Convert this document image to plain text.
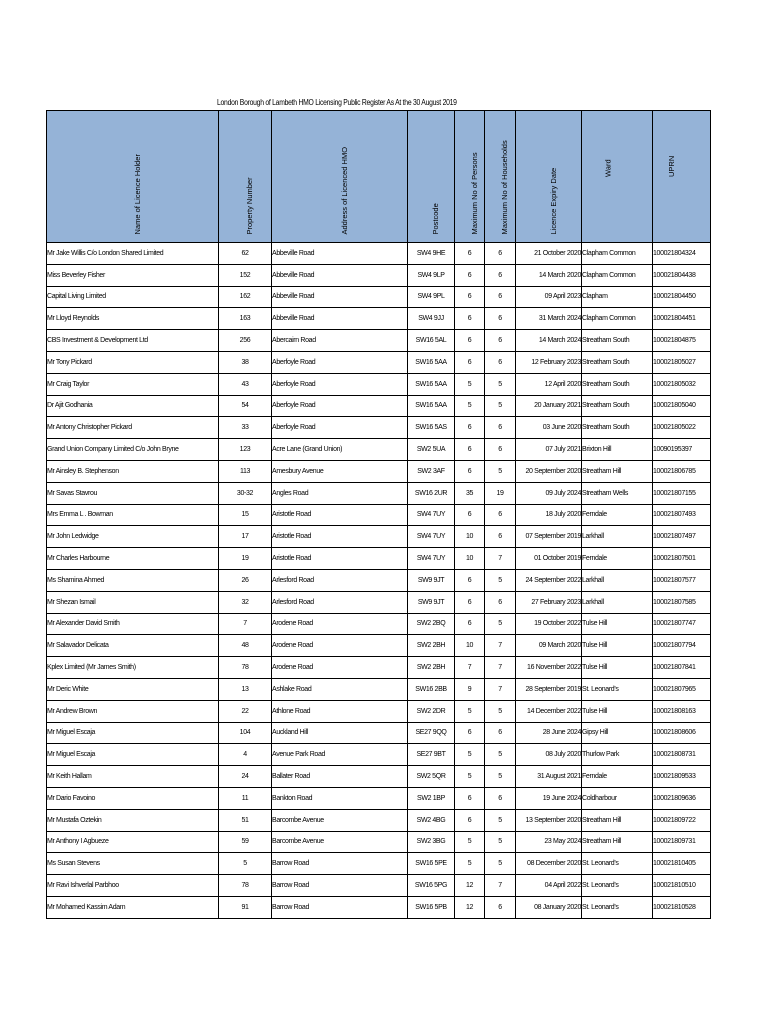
London Borough of Lambeth HMO Licensing Public Register As At the 30 August 2019
Name of Licence Holder	Property Number	Address of Licenced HMO	Postcode	Maximum No of Persons	Maximum No of Households	Licence Expiry Date	Ward	UPRN

Mr Jake Willis C/o London Shared Limited	62	Abbeville Road	SW4 9HE	6	6	21 October 2020	Clapham Common	100021804324
Miss Beverley Fisher	152	Abbeville Road	SW4 9LP	6	6	14 March 2020	Clapham Common	100021804438
Capital Living Limited	162	Abbeville Road	SW4 9PL	6	6	09 April 2023	Clapham	100021804450
Mr Lloyd Reynolds	163	Abbeville Road	SW4 9JJ	6	6	31 March 2024	Clapham Common	100021804451
CBS Investment & Development Ltd	256	Abercairn Road	SW16 5AL	6	6	14 March 2024	Streatham South	100021804875
Mr Tony Pickard	38	Aberfoyle Road	SW16 5AA	6	6	12 February 2023	Streatham South	100021805027
Mr Craig Taylor	43	Aberfoyle Road	SW16 5AA	5	5	12 April 2020	Streatham South	100021805032
Dr Ajit Godhania	54	Aberfoyle Road	SW16 5AA	5	5	20 January 2021	Streatham South	100021805040
Mr Antony Christopher Pickard	33	Aberfoyle Road	SW16 5AS	6	6	03 June 2020	Streatham South	100021805022
Grand Union Company Limited C/o John Bryne	123	Acre Lane (Grand Union)	SW2 5UA	6	6	07 July 2021	Brixton Hill	10090195397
Mr Ainsley B. Stephenson	113	Amesbury Avenue	SW2 3AF	6	5	20 September 2020	Streatham Hill	100021806785
Mr Savas Stavrou	30-32	Angles Road	SW16 2UR	35	19	09 July 2024	Streatham Wells	100021807155
Mrs Emma L . Bowman	15	Aristotle Road	SW4 7UY	6	6	18 July 2020	Ferndale	100021807493
Mr John Ledwidge	17	Aristotle Road	SW4 7UY	10	6	07 September 2019	Larkhall	100021807497
Mr Charles Harbourne	19	Aristotle Road	SW4 7UY	10	7	01 October 2019	Ferndale	100021807501
Ms Shamina Ahmed	26	Arlesford Road	SW9 9JT	6	5	24 September 2022	Larkhall	100021807577
Mr Shezan Ismail	32	Arlesford Road	SW9 9JT	6	6	27 February 2023	Larkhall	100021807585
Mr Alexander David Smith	7	Arodene Road	SW2 2BQ	6	5	19 October 2022	Tulse Hill	100021807747
Mr Salavador Delicata	48	Arodene Road	SW2 2BH	10	7	09 March 2020	Tulse Hill	100021807794
Kplex Limited (Mr James Smith)	78	Arodene Road	SW2 2BH	7	7	16 November 2022	Tulse Hill	100021807841
Mr Deric White	13	Ashlake Road	SW16 2BB	9	7	28 September 2019	St. Leonard's	100021807965
Mr Andrew Brown	22	Athlone Road	SW2 2DR	5	5	14 December 2022	Tulse Hill	100021808163
Mr Miguel Escaja	104	Auckland Hill	SE27 9QQ	6	6	28 June 2024	Gipsy Hill	100021808606
Mr Miguel Escaja	4	Avenue Park Road	SE27 9BT	5	5	08 July 2020	Thurlow Park	100021808731
Mr Keith Hallam	24	Ballater Road	SW2 5QR	5	5	31 August 2021	Ferndale	100021809533
Mr Dario Favoino	11	Bankton Road	SW2 1BP	6	6	19 June 2024	Coldharbour	100021809636
Mr Mustafa Oztekin	51	Barcombe Avenue	SW2 4BG	6	5	13 September 2020	Streatham Hill	100021809722
Mr Anthony I Agbueze	59	Barcombe Avenue	SW2 3BG	5	5	23 May 2024	Streatham Hill	100021809731
Ms Susan Stevens	5	Barrow Road	SW16 5PE	5	5	08 December 2020	St. Leonard's	100021810405
Mr Ravi Ishverlal Parbhoo	78	Barrow Road	SW16 5PG	12	7	04 April 2022	St. Leonard's	100021810510
Mr Mohamed Kassim Adam	91	Barrow Road	SW16 5PB	12	6	08 January 2020	St. Leonard's	100021810528
